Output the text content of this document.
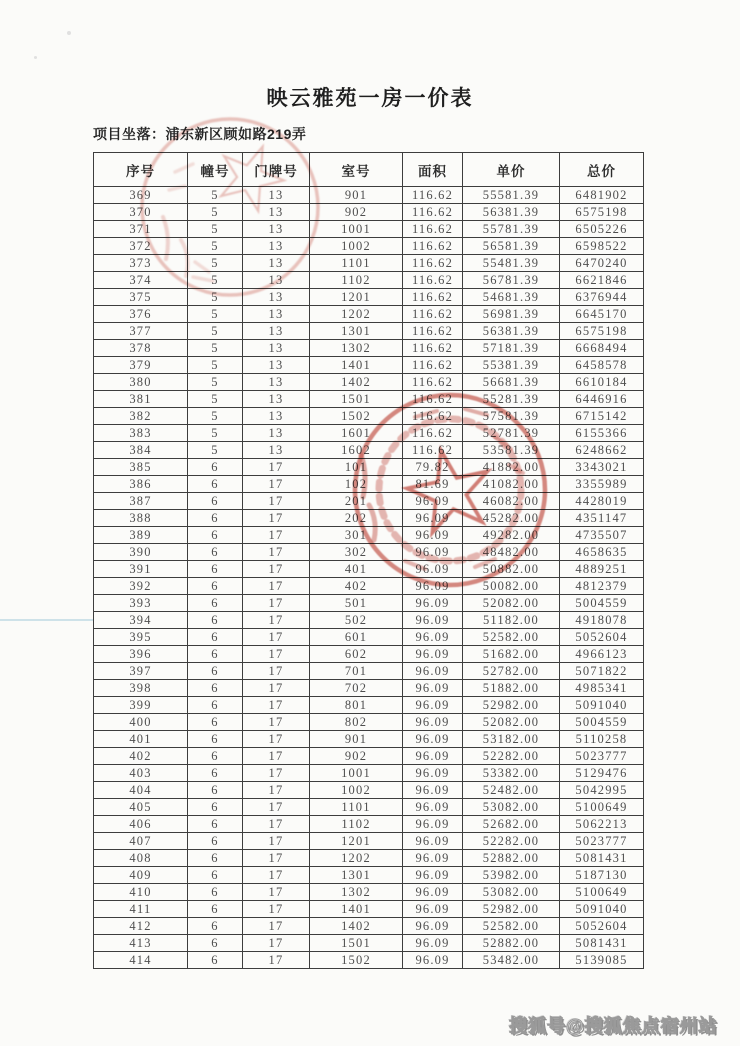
映云雅苑一房一价表
项目坐落：浦东新区顾如路219弄
序号	幢号	门牌号	室号	面积	单价	总价
369	5	13	901	116.62	55581.39	6481902
370	5	13	902	116.62	56381.39	6575198
371	5	13	1001	116.62	55781.39	6505226
372	5	13	1002	116.62	56581.39	6598522
373	5	13	1101	116.62	55481.39	6470240
374	5	13	1102	116.62	56781.39	6621846
375	5	13	1201	116.62	54681.39	6376944
376	5	13	1202	116.62	56981.39	6645170
377	5	13	1301	116.62	56381.39	6575198
378	5	13	1302	116.62	57181.39	6668494
379	5	13	1401	116.62	55381.39	6458578
380	5	13	1402	116.62	56681.39	6610184
381	5	13	1501	116.62	55281.39	6446916
382	5	13	1502	116.62	57581.39	6715142
383	5	13	1601	116.62	52781.39	6155366
384	5	13	1602	116.62	53581.39	6248662
385	6	17	101	79.82	41882.00	3343021
386	6	17	102	81.69	41082.00	3355989
387	6	17	201	96.09	46082.00	4428019
388	6	17	202	96.09	45282.00	4351147
389	6	17	301	96.09	49282.00	4735507
390	6	17	302	96.09	48482.00	4658635
391	6	17	401	96.09	50882.00	4889251
392	6	17	402	96.09	50082.00	4812379
393	6	17	501	96.09	52082.00	5004559
394	6	17	502	96.09	51182.00	4918078
395	6	17	601	96.09	52582.00	5052604
396	6	17	602	96.09	51682.00	4966123
397	6	17	701	96.09	52782.00	5071822
398	6	17	702	96.09	51882.00	4985341
399	6	17	801	96.09	52982.00	5091040
400	6	17	802	96.09	52082.00	5004559
401	6	17	901	96.09	53182.00	5110258
402	6	17	902	96.09	52282.00	5023777
403	6	17	1001	96.09	53382.00	5129476
404	6	17	1002	96.09	52482.00	5042995
405	6	17	1101	96.09	53082.00	5100649
406	6	17	1102	96.09	52682.00	5062213
407	6	17	1201	96.09	52282.00	5023777
408	6	17	1202	96.09	52882.00	5081431
409	6	17	1301	96.09	53982.00	5187130
410	6	17	1302	96.09	53082.00	5100649
411	6	17	1401	96.09	52982.00	5091040
412	6	17	1402	96.09	52582.00	5052604
413	6	17	1501	96.09	52882.00	5081431
414	6	17	1502	96.09	53482.00	5139085
搜狐号@搜狐焦点宿州站
